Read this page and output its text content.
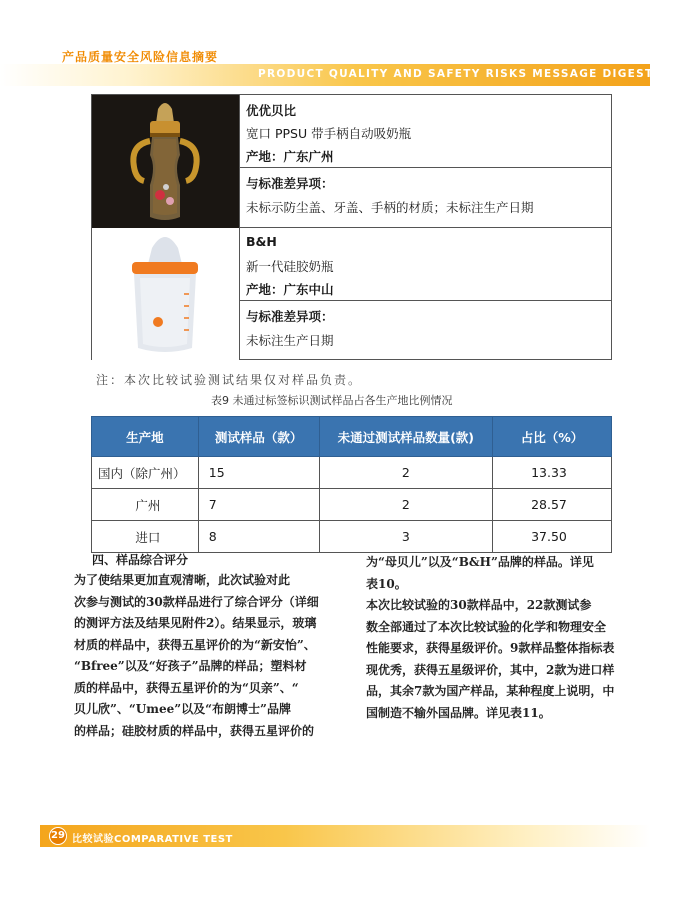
产品质量安全风险信息摘要
PRODUCT QUALITY AND SAFETY RISKS MESSAGE DIGEST
优优贝比
宽口 PPSU 带手柄自动吸奶瓶
产地：广东广州
与标准差异项：
未标示防尘盖、牙盖、手柄的材质；未标注生产日期
B&H
新一代硅胶奶瓶
产地：广东中山
与标准差异项：
未标注生产日期
注：本次比较试验测试结果仅对样品负责。
表9 未通过标签标识测试样品占各生产地比例情况
生产地	测试样品（款）	未通过测试样品数量(款)	占比（%）
国内（除广州）	15	2	13.33
广州	7	2	28.57
进口	8	3	37.50
四、样品综合评分
为了使结果更加直观清晰，此次试验对此
次参与测试的30款样品进行了综合评分（详细
的测评方法及结果见附件2）。结果显示，玻璃
材质的样品中，获得五星评价的为“新安怡”、
“Bfree”以及“好孩子”品牌的样品；塑料材
质的样品中，获得五星评价的为“贝亲”、“
贝儿欣”、“Umee”以及“布朗博士”品牌
的样品；硅胶材质的样品中，获得五星评价的
为“母贝儿”以及“B&H”品牌的样品。详见
表10。
本次比较试验的30款样品中，22款测试参
数全部通过了本次比较试验的化学和物理安全
性能要求，获得星级评价。9款样品整体指标表
现优秀，获得五星级评价，其中，2款为进口样
品，其余7款为国产样品，某种程度上说明，中
国制造不输外国品牌。详见表11。
29 比较试验COMPARATIVE TEST
